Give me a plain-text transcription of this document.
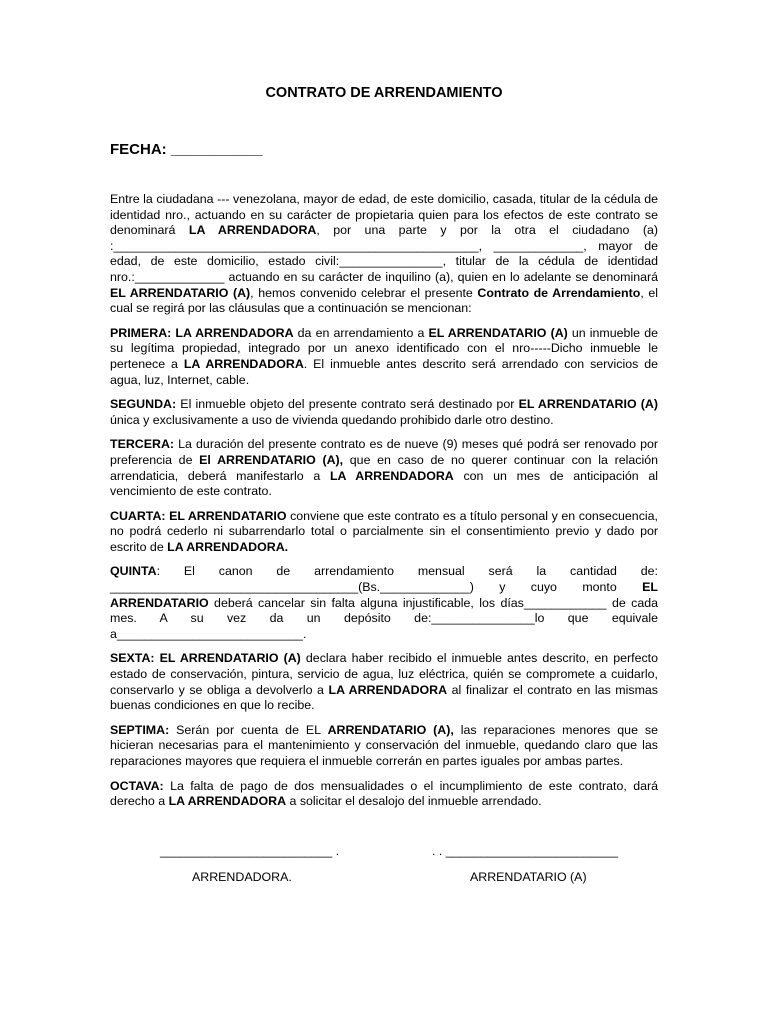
CONTRATO DE ARRENDAMIENTO
FECHA: ___________

Entre la ciudadana --- venezolana, mayor de edad, de este domicilio, casada, titular de la cédula de identidad nro., actuando en su carácter de propietaria quien para los efectos de este contrato se denominará LA ARRENDADORA, por una parte y por la otra el ciudadano (a) :_____________________________________________________, _____________, mayor de edad, de este domicilio, estado civil:_______________, titular de la cédula de identidad nro.:_____________ actuando en su carácter de inquilino (a), quien en lo adelante se denominará EL ARRENDATARIO (A), hemos convenido celebrar el presente Contrato de Arrendamiento, el cual se regirá por las cláusulas que a continuación se mencionan:

PRIMERA: LA ARRENDADORA da en arrendamiento a EL ARRENDATARIO (A) un inmueble de su legítima propiedad, integrado por un anexo identificado con el nro-----Dicho inmueble le pertenece a LA ARRENDADORA. El inmueble antes descrito será arrendado con servicios de agua, luz, Internet, cable.

SEGUNDA: El inmueble objeto del presente contrato será destinado por EL ARRENDATARIO (A) única y exclusivamente a uso de vivienda quedando prohibido darle otro destino.

TERCERA: La duración del presente contrato es de nueve (9) meses qué podrá ser renovado por preferencia de El ARRENDATARIO (A), que en caso de no querer continuar con la relación arrendaticia, deberá manifestarlo a LA ARRENDADORA con un mes de anticipación al vencimiento de este contrato.

CUARTA: EL ARRENDATARIO conviene que este contrato es a título personal y en consecuencia, no podrá cederlo ni subarrendarlo total o parcialmente sin el consentimiento previo y dado por escrito de LA ARRENDADORA.

QUINTA: El canon de arrendamiento mensual será la cantidad de: ____________________________________(Bs._____________) y cuyo monto EL ARRENDATARIO deberá cancelar sin falta alguna injustificable, los días____________ de cada mes. A su vez da un depósito de:_______________lo que equivale a___________________________.

SEXTA: EL ARRENDATARIO (A) declara haber recibido el inmueble antes descrito, en perfecto estado de conservación, pintura, servicio de agua, luz eléctrica, quién se compromete a cuidarlo, conservarlo y se obliga a devolverlo a LA ARRENDADORA al finalizar el contrato en las mismas buenas condiciones en que lo recibe.

SEPTIMA: Serán por cuenta de EL ARRENDATARIO (A), las reparaciones menores que se hicieran necesarias para el mantenimiento y conservación del inmueble, quedando claro que las reparaciones mayores que requiera el inmueble correrán en partes iguales por ambas partes.

OCTAVA: La falta de pago de dos mensualidades o el incumplimiento de este contrato, dará derecho a LA ARRENDADORA a solicitar el desalojo del inmueble arrendado.

_________________________ .
ARRENDADORA.
. . _________________________
ARRENDATARIO (A)
